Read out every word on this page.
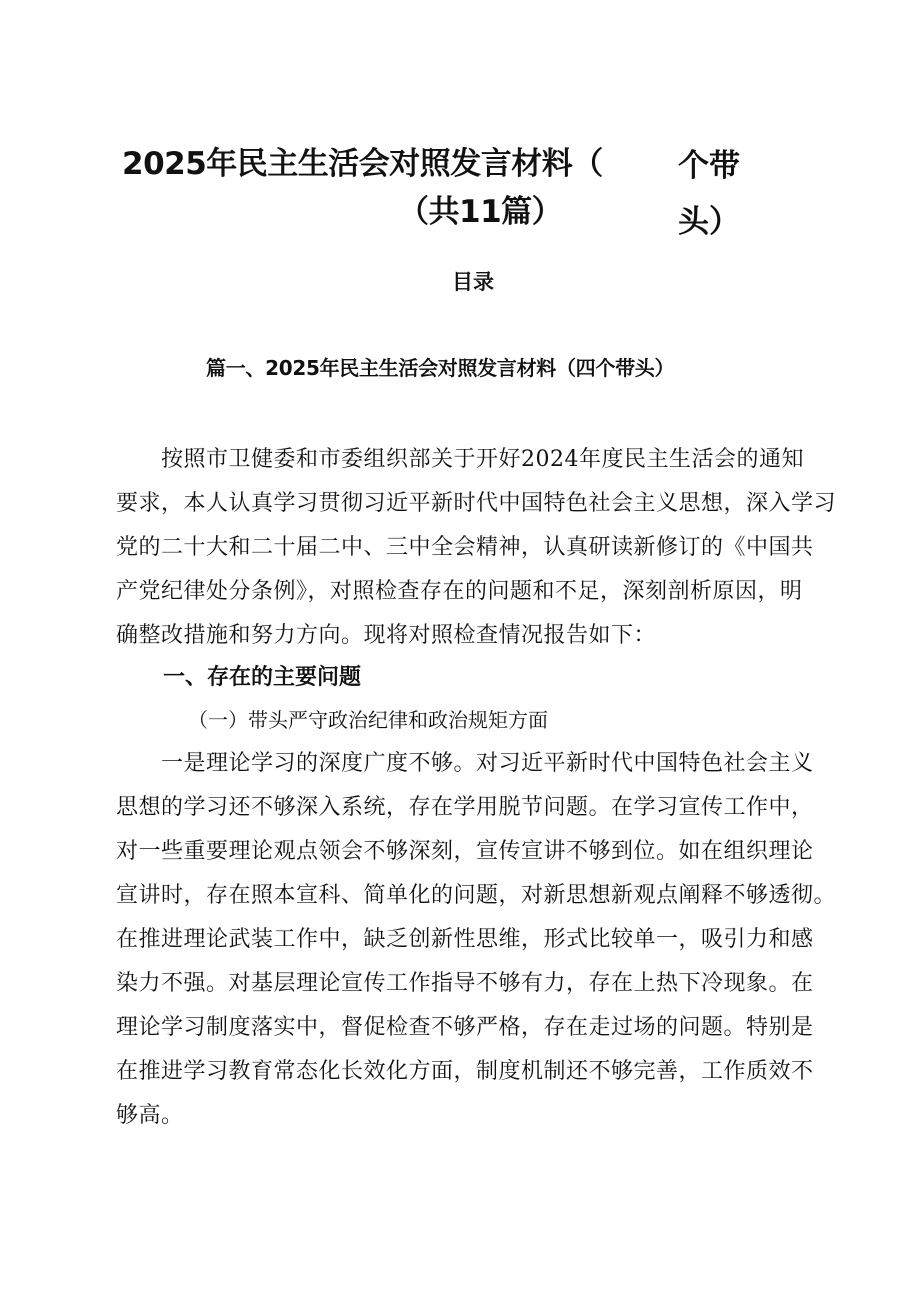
2025年民主生活会对照发言材料（
（共11篇）
个带
头）
目录
篇一、2025年民主生活会对照发言材料（四个带头）
　　按照市卫健委和市委组织部关于开好2024年度民主生活会的通知
要求，本人认真学习贯彻习近平新时代中国特色社会主义思想，深入学习
党的二十大和二十届二中、三中全会精神，认真研读新修订的《中国共
产党纪律处分条例》，对照检查存在的问题和不足，深刻剖析原因，明
确整改措施和努力方向。现将对照检查情况报告如下：
一、存在的主要问题
（一）带头严守政治纪律和政治规矩方面
　　一是理论学习的深度广度不够。对习近平新时代中国特色社会主义
思想的学习还不够深入系统，存在学用脱节问题。在学习宣传工作中，
对一些重要理论观点领会不够深刻，宣传宣讲不够到位。如在组织理论
宣讲时，存在照本宣科、简单化的问题，对新思想新观点阐释不够透彻。
在推进理论武装工作中，缺乏创新性思维，形式比较单一，吸引力和感
染力不强。对基层理论宣传工作指导不够有力，存在上热下冷现象。在
理论学习制度落实中，督促检查不够严格，存在走过场的问题。特别是
在推进学习教育常态化长效化方面，制度机制还不够完善，工作质效不
够高。
